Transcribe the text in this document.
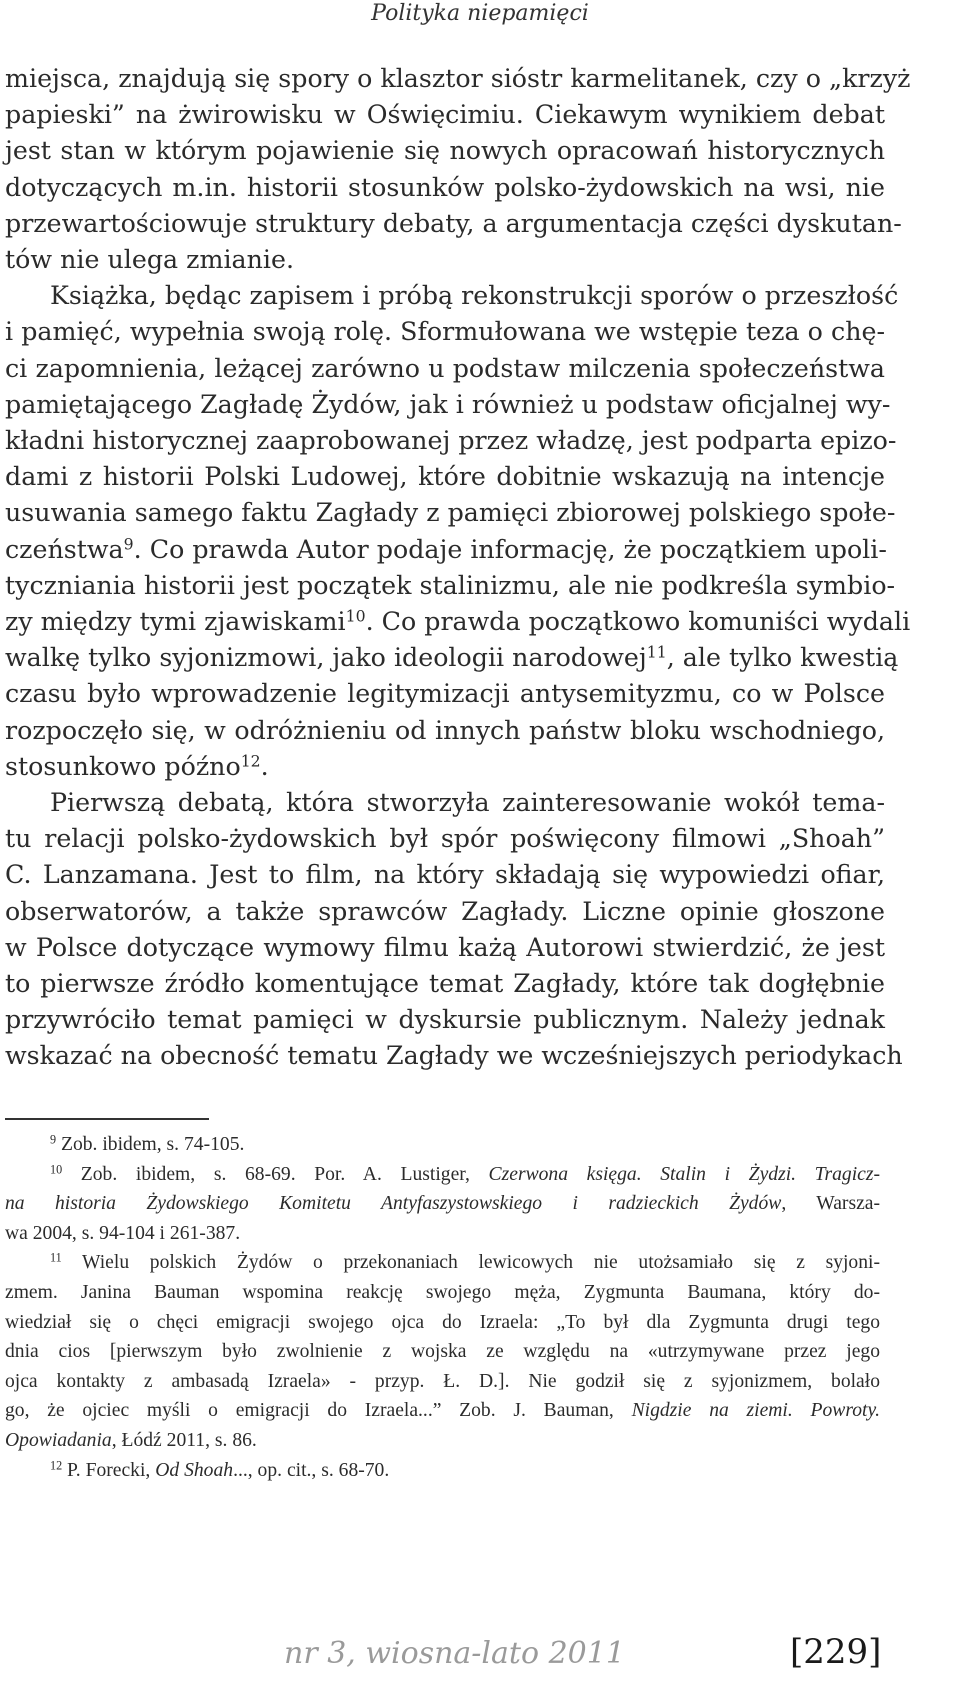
Polityka niepamięci
miejsca, znajdują się spory o klasztor sióstr karmelitanek, czy o „krzyż
papieski” na żwirowisku w Oświęcimiu. Ciekawym wynikiem debat
jest stan w którym pojawienie się nowych opracowań historycznych
dotyczących m.in. historii stosunków polsko-żydowskich na wsi, nie
przewartościowuje struktury debaty, a argumentacja części dyskutan-
tów nie ulega zmianie.
Książka, będąc zapisem i próbą rekonstrukcji sporów o przeszłość
i pamięć, wypełnia swoją rolę. Sformułowana we wstępie teza o chę-
ci zapomnienia, leżącej zarówno u podstaw milczenia społeczeństwa
pamiętającego Zagładę Żydów, jak i również u podstaw oficjalnej wy-
kładni historycznej zaaprobowanej przez władzę, jest podparta epizo-
dami z historii Polski Ludowej, które dobitnie wskazują na intencje
usuwania samego faktu Zagłady z pamięci zbiorowej polskiego społe-
czeństwa$^9$. Co prawda Autor podaje informację, że początkiem upoli-
tyczniania historii jest początek stalinizmu, ale nie podkreśla symbio-
zy między tymi zjawiskami$^{10}$. Co prawda początkowo komuniści wydali
walkę tylko syjonizmowi, jako ideologii narodowej$^{11}$, ale tylko kwestią
czasu było wprowadzenie legitymizacji antysemityzmu, co w Polsce
rozpoczęło się, w odróżnieniu od innych państw bloku wschodniego,
stosunkowo późno$^{12}$.
Pierwszą debatą, która stworzyła zainteresowanie wokół tema-
tu relacji polsko-żydowskich był spór poświęcony filmowi „Shoah”
C. Lanzamana. Jest to film, na który składają się wypowiedzi ofiar,
obserwatorów, a także sprawców Zagłady. Liczne opinie głoszone
w Polsce dotyczące wymowy filmu każą Autorowi stwierdzić, że jest
to pierwsze źródło komentujące temat Zagłady, które tak dogłębnie
przywróciło temat pamięci w dyskursie publicznym. Należy jednak
wskazać na obecność tematu Zagłady we wcześniejszych periodykach
$^9$ Zob. ibidem, s. 74-105.
$^{10}$ Zob. ibidem, s. 68-69. Por. A. Lustiger, Czerwona księga. Stalin i Żydzi. Tragicz-
na historia Żydowskiego Komitetu Antyfaszystowskiego i radzieckich Żydów, Warsza-
wa 2004, s. 94-104 i 261-387.
$^{11}$ Wielu polskich Żydów o przekonaniach lewicowych nie utożsamiało się z syjoni-
zmem. Janina Bauman wspomina reakcję swojego męża, Zygmunta Baumana, który do-
wiedział się o chęci emigracji swojego ojca do Izraela: „To był dla Zygmunta drugi tego
dnia cios [pierwszym było zwolnienie z wojska ze względu na «utrzymywane przez jego
ojca kontakty z ambasadą Izraela» - przyp. Ł. D.]. Nie godził się z syjonizmem, bolało
go, że ojciec myśli o emigracji do Izraela...” Zob. J. Bauman, Nigdzie na ziemi. Powroty.
Opowiadania, Łódź 2011, s. 86.
$^{12}$ P. Forecki, Od Shoah..., op. cit., s. 68-70.
nr 3, wiosna-lato 2011	[229]
